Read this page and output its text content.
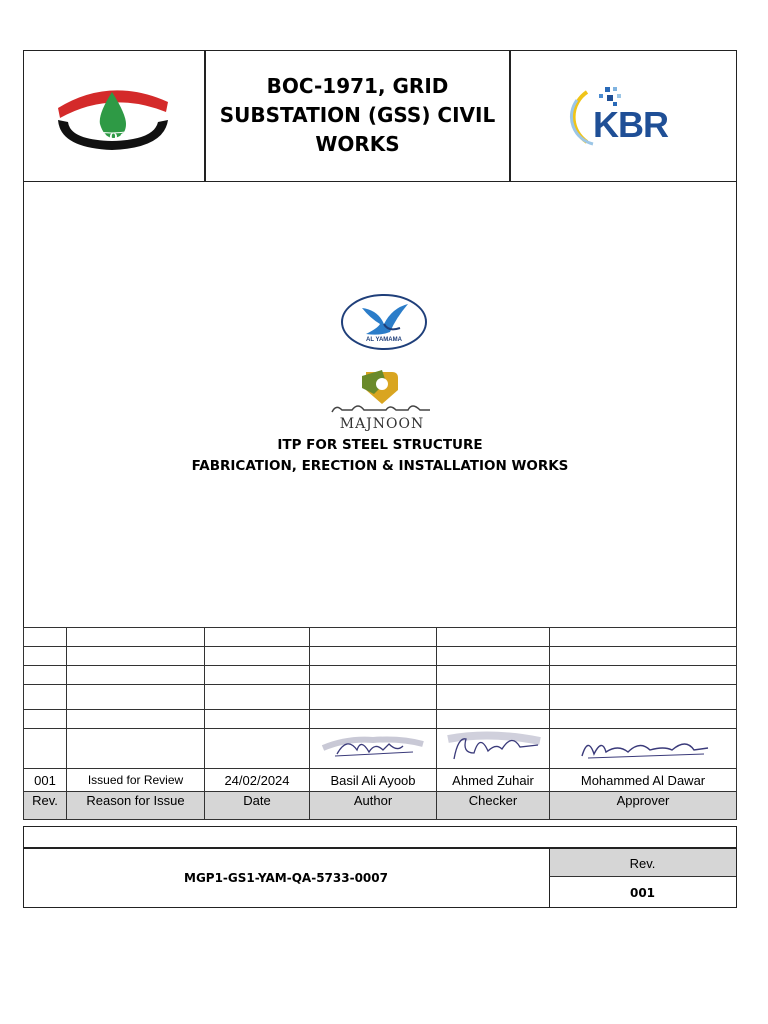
B.O.C
BOC-1971, GRID SUBSTATION (GSS) CIVIL WORKS	KBR
AL YAMAMA
MAJNOON
ITP FOR STEEL STRUCTURE
FABRICATION, ERECTION & INSTALLATION WORKS

001	Issued for Review	24/02/2024	Basil Ali Ayoob	Ahmed Zuhair	Mohammed Al Dawar
Rev.	Reason for Issue	Date	Author	Checker	Approver
MGP1-GS1-YAM-QA-5733-0007
Rev.
001
